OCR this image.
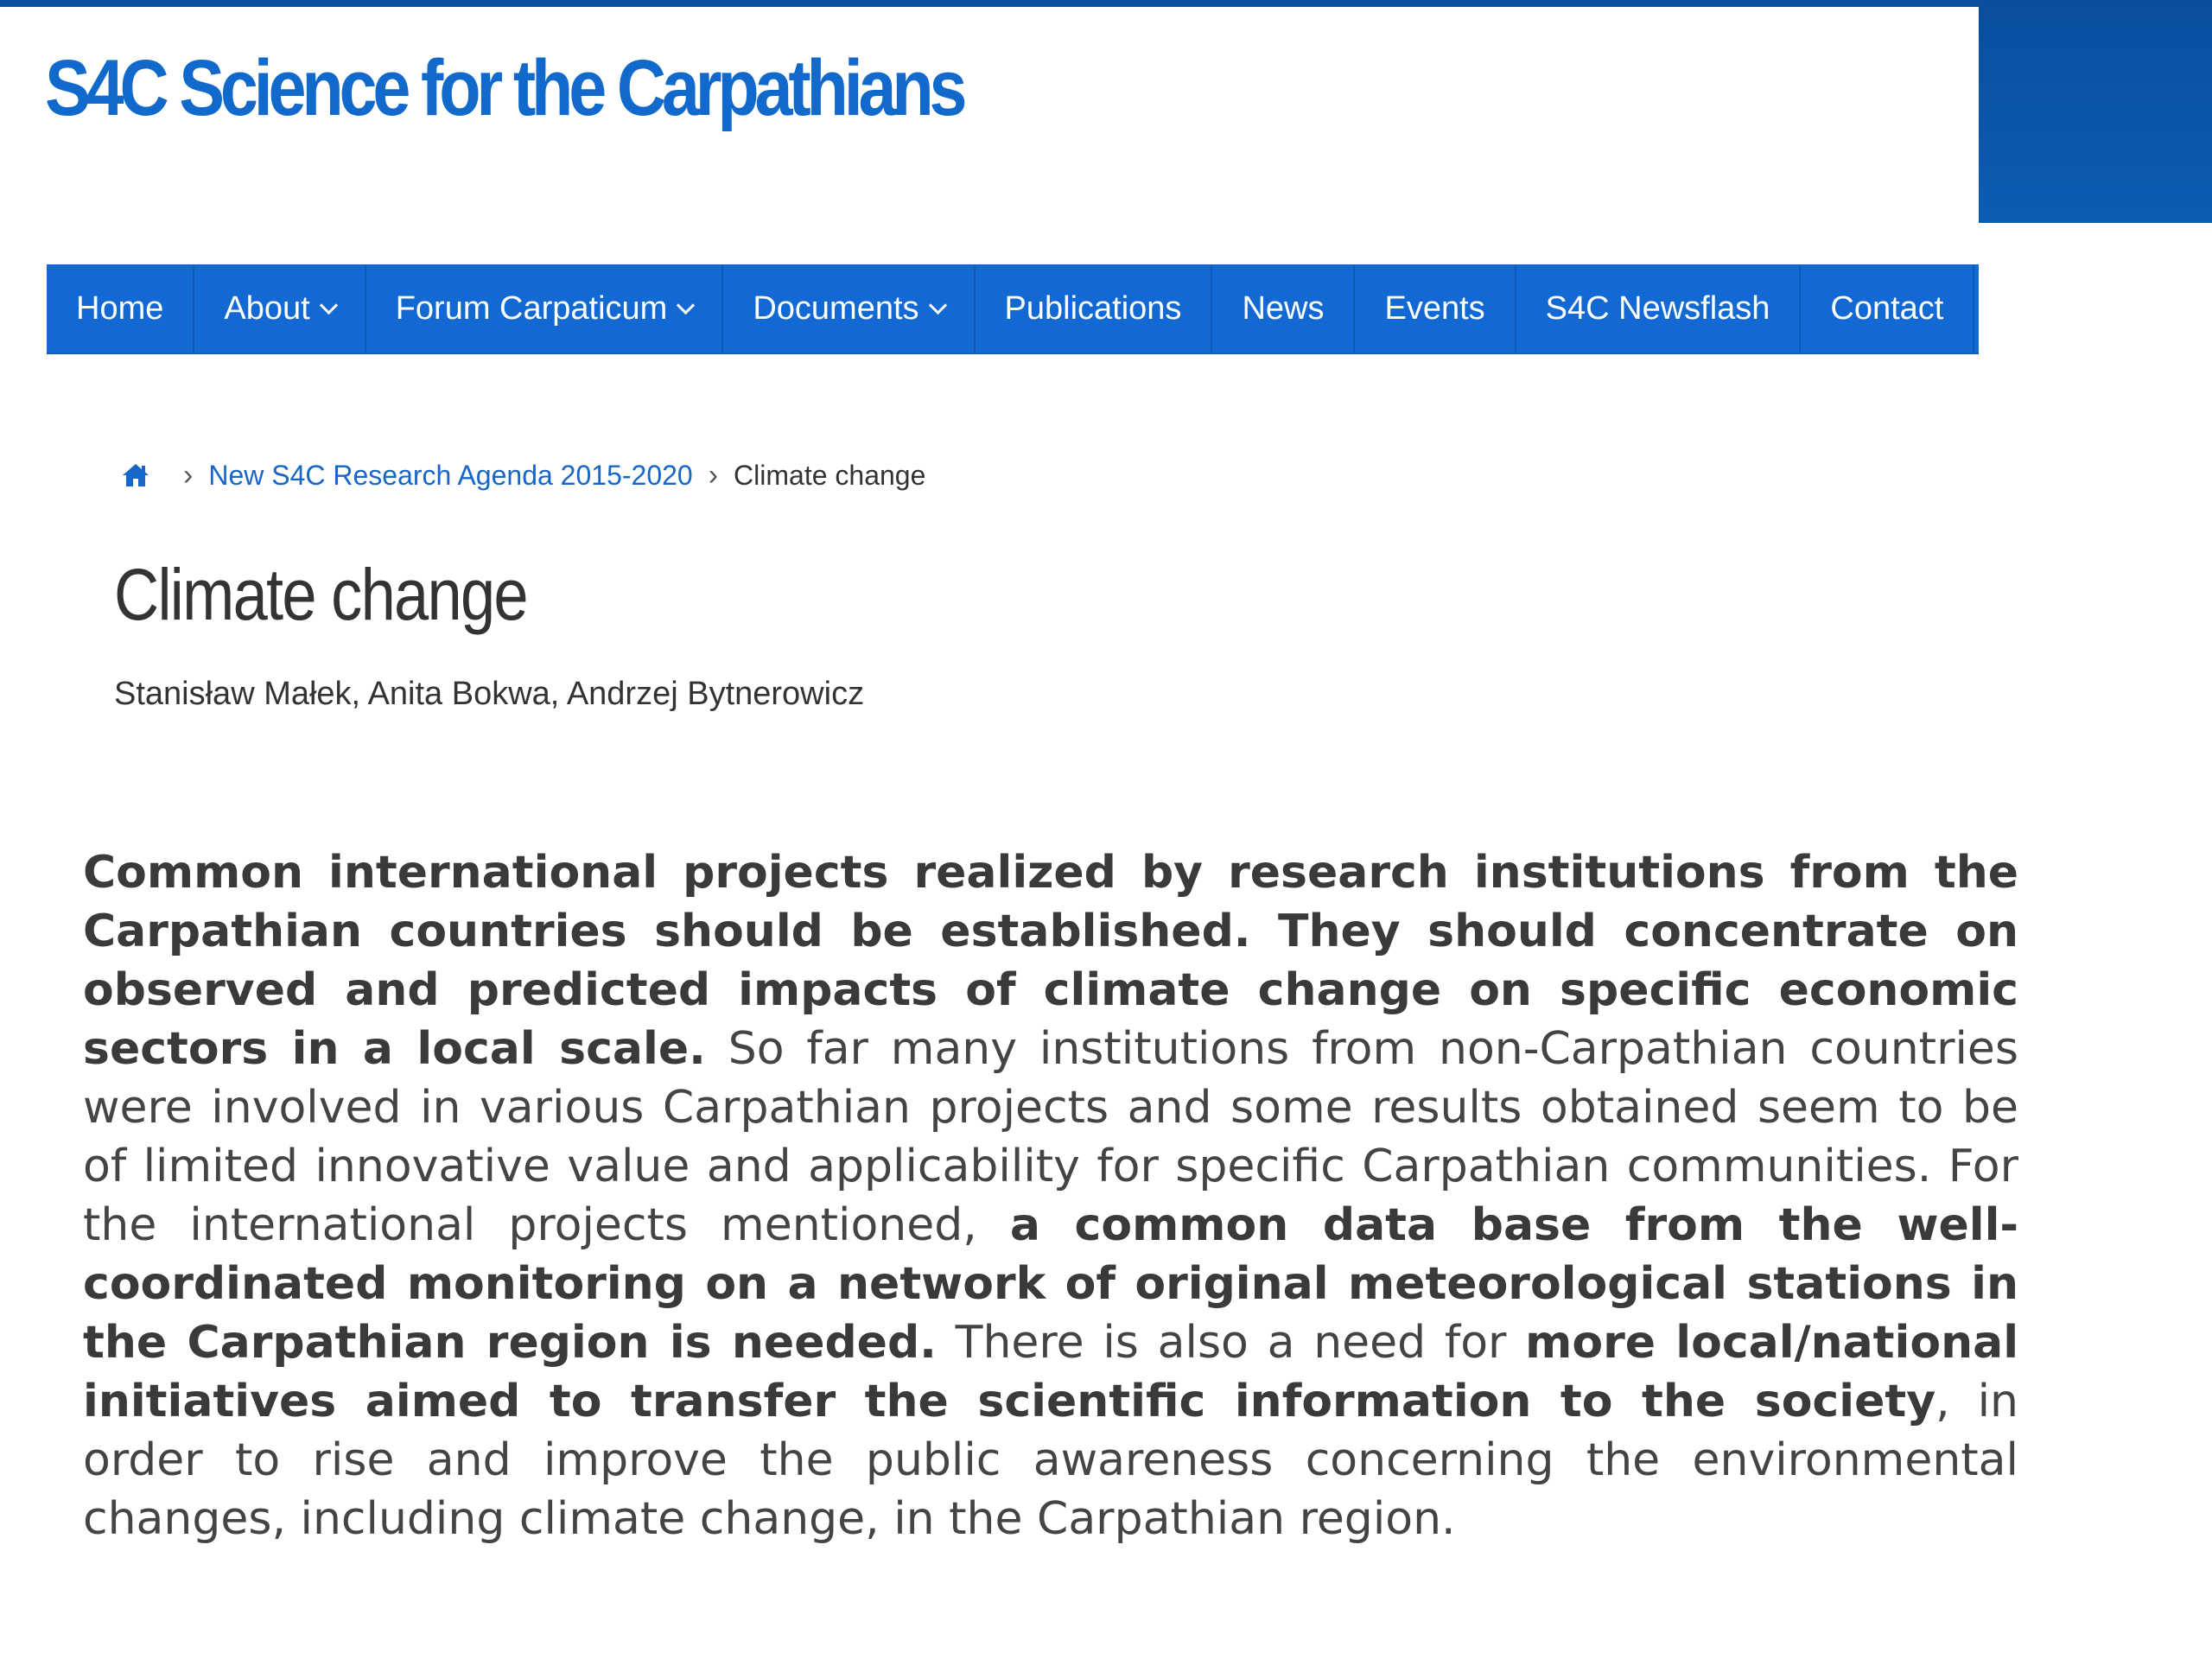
S4C Science for the Carpathians
Home About	Forum Carpaticum	Documents	Publications News Events S4C Newsflash Contact N
› New S4C Research Agenda 2015-2020 › Climate change
Climate change
Stanisław Małek, Anita Bokwa, Andrzej Bytnerowicz

Common international projects realized by research institutions from the Carpathian countries should be established. They should concentrate on observed and predicted impacts of climate change on specific economic sectors in a local scale. So far many institutions from non-Carpathian countries were involved in various Carpathian projects and some results obtained seem to be of limited innovative value and applicability for specific Carpathian communities. For the international projects mentioned, a common data base from the well-coordinated monitoring on a network of original meteorological stations in the Carpathian region is needed. There is also a need for more local/national initiatives aimed to transfer the scientific information to the society, in order to rise and improve the public awareness concerning the environmental changes, including climate change, in the Carpathian region.
